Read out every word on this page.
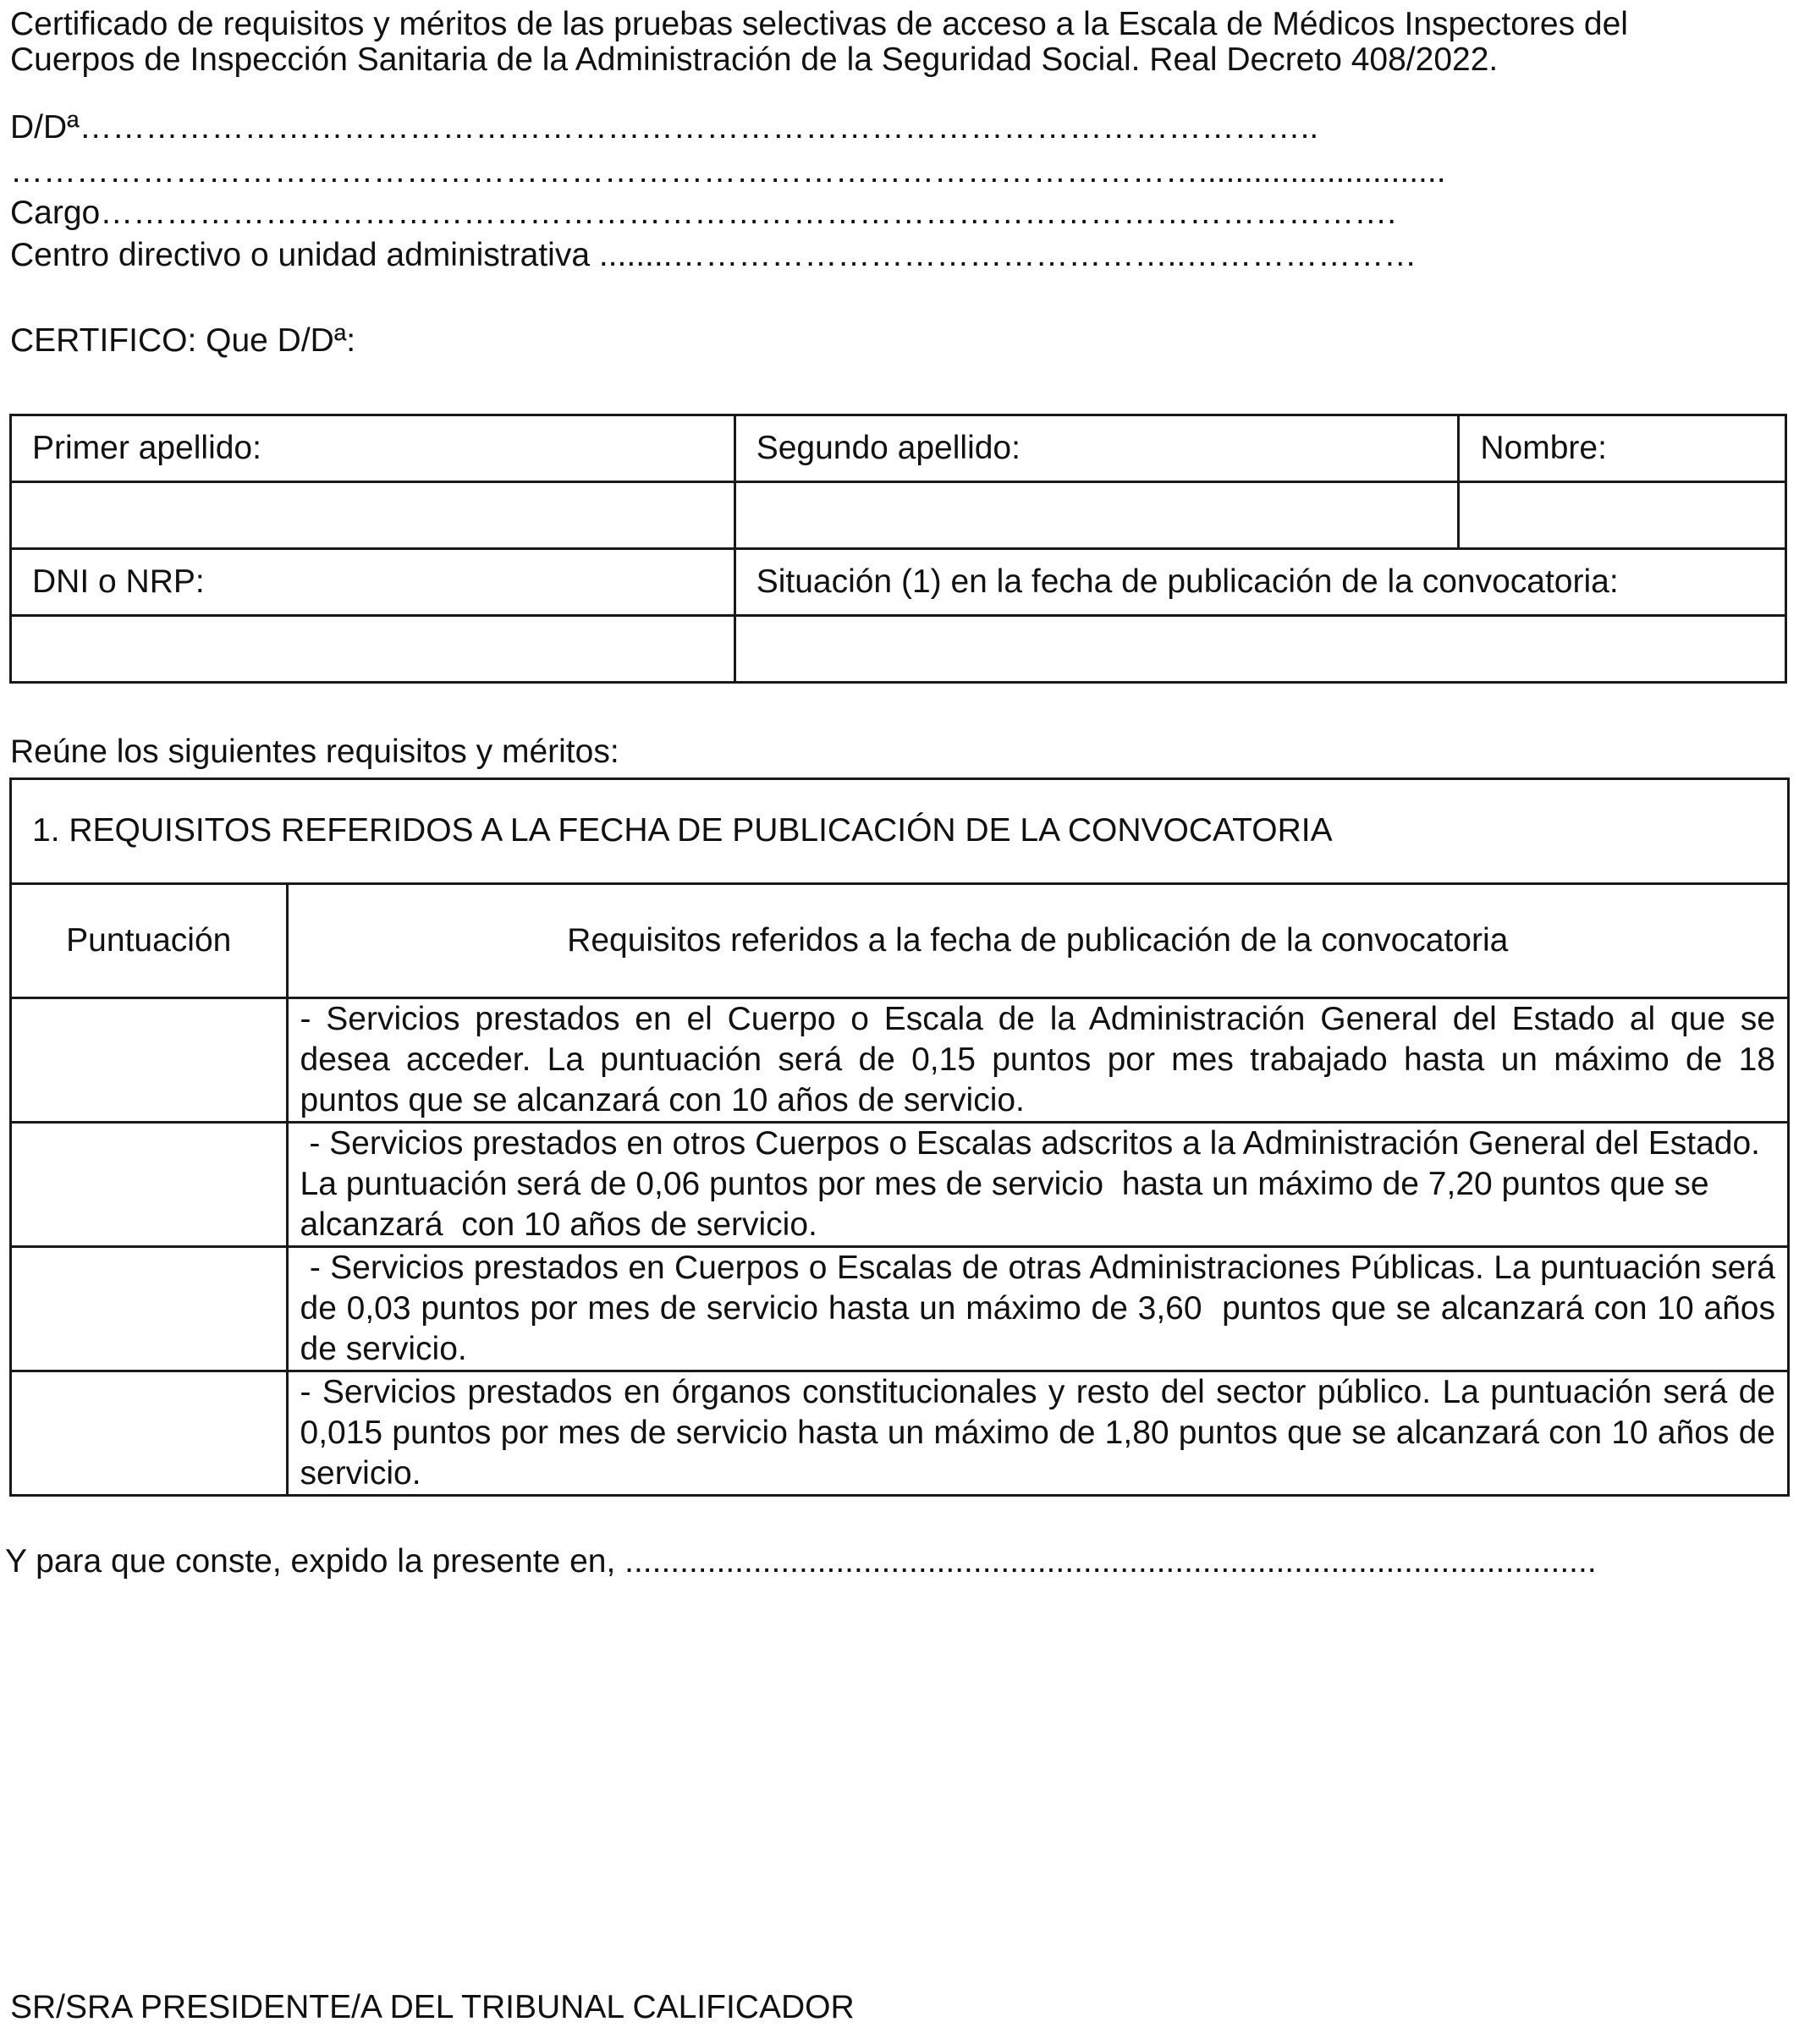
Certificado de requisitos y méritos de las pruebas selectivas de acceso a la Escala de Médicos Inspectores del Cuerpos de Inspección Sanitaria de la Administración de la Seguridad Social. Real Decreto 408/2022.
D/Dª…………………………………………………………………………………………………..
………………………………………………………………………………………………...........................
Cargo……………………………………………………………………………………………………….
Centro directivo o unidad administrativa ........………………………………………..…………………
CERTIFICO: Que D/Dª:
Primer apellido:	Segundo apellido:	Nombre:

DNI o NRP:	Situación (1) en la fecha de publicación de la convocatoria:	

Reúne los siguientes requisitos y méritos:
1. REQUISITOS REFERIDOS A LA FECHA DE PUBLICACIÓN DE LA CONVOCATORIA	
Puntuación	Requisitos referidos a la fecha de publicación de la convocatoria
	- Servicios prestados en el Cuerpo o Escala de la Administración General del Estado al que se desea acceder. La puntuación será de 0,15 puntos por mes trabajado hasta un máximo de 18 puntos que se alcanzará con 10 años de servicio.
	- Servicios prestados en otros Cuerpos o Escalas adscritos a la Administración General del Estado.  La puntuación será de 0,06 puntos por mes de servicio  hasta un máximo de 7,20 puntos que se alcanzará  con 10 años de servicio.
	- Servicios prestados en Cuerpos o Escalas de otras Administraciones Públicas. La puntuación será de 0,03 puntos por mes de servicio hasta un máximo de 3,60  puntos que se alcanzará con 10 años de servicio.
	- Servicios prestados en órganos constitucionales y resto del sector público. La puntuación será de 0,015 puntos por mes de servicio hasta un máximo de 1,80 puntos que se alcanzará con 10 años de servicio.
Y para que conste, expido la presente en, ..........................................................................................................
SR/SRA PRESIDENTE/A DEL TRIBUNAL CALIFICADOR
